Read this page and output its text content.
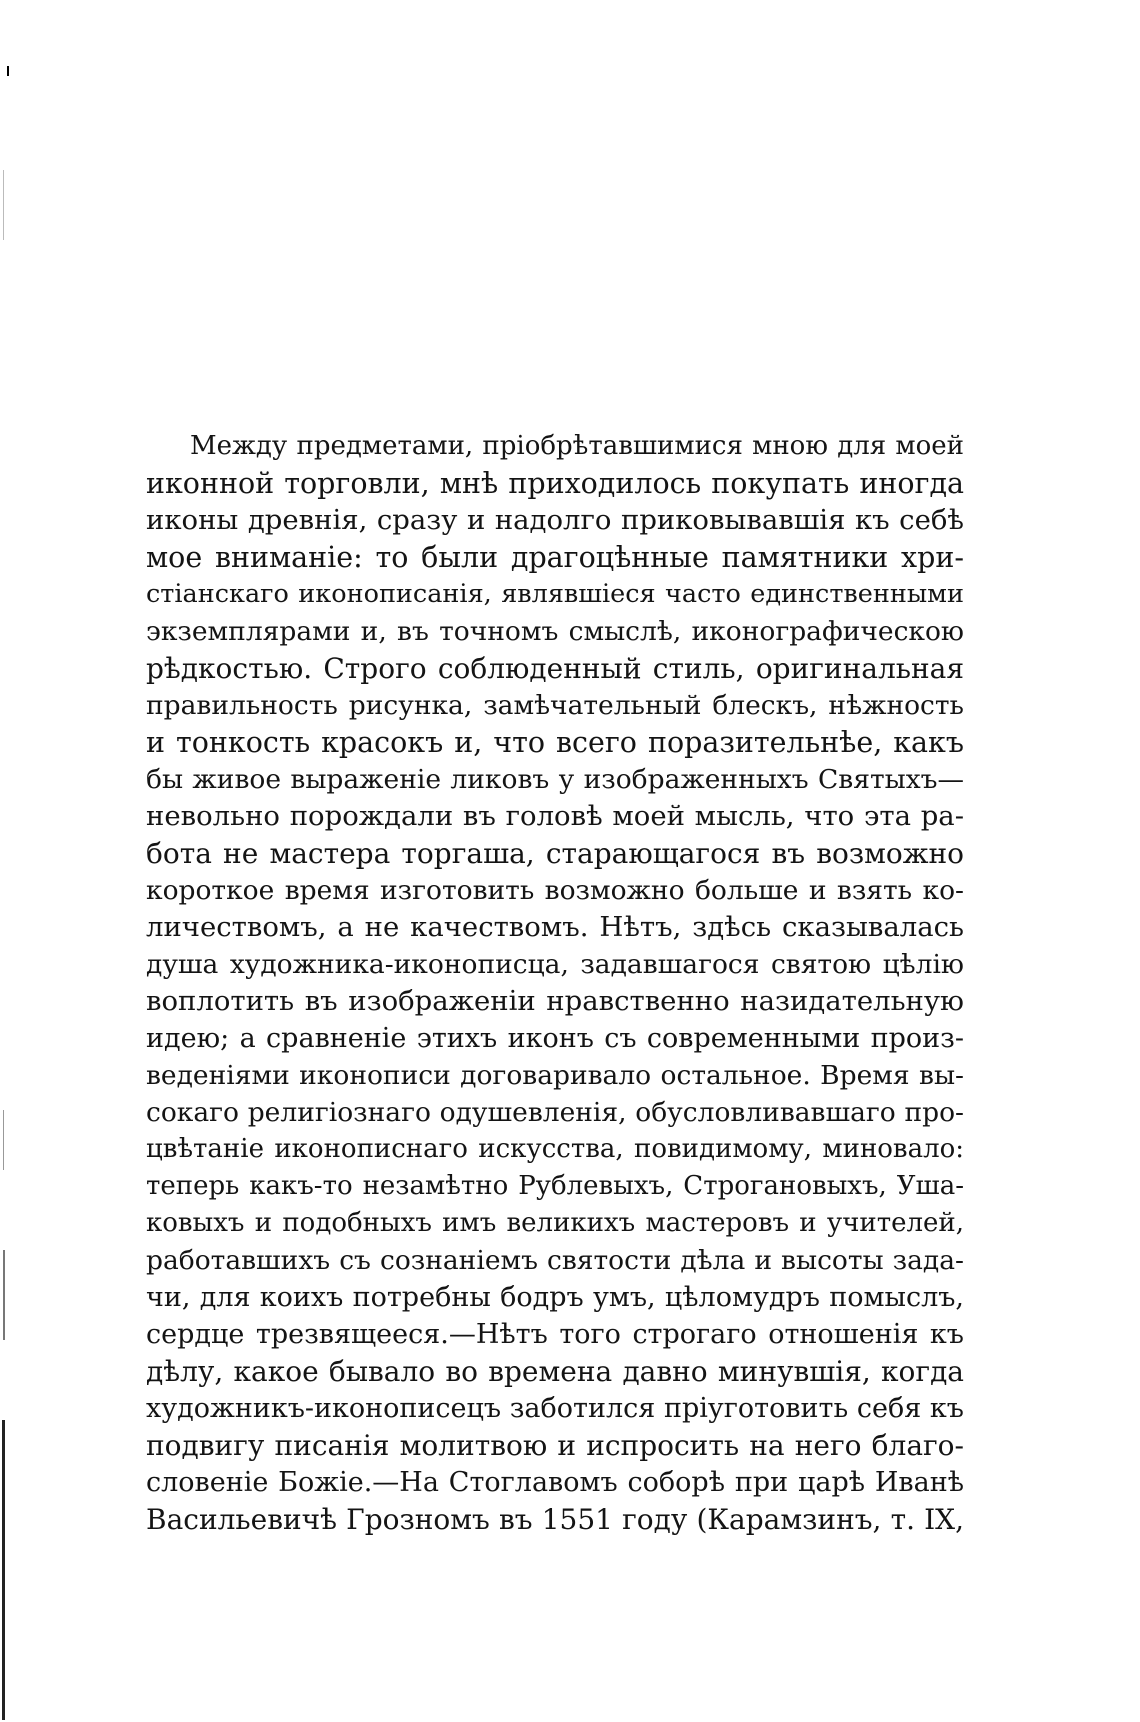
Между предметами, пріобрѣтавшимися мною для моей
иконной торговли, мнѣ приходилось покупать иногда
иконы древнія, сразу и надолго приковывавшія къ себѣ
мое вниманіе: то были драгоцѣнные памятники хри-
стіанскаго иконописанія, являвшіеся часто единственными
экземплярами и, въ точномъ смыслѣ, иконографическою
рѣдкостью. Строго соблюденный стиль, оригинальная
правильность рисунка, замѣчательный блескъ, нѣжность
и тонкость красокъ и, что всего поразительнѣе, какъ
бы живое выраженіе ликовъ у изображенныхъ Святыхъ—
невольно порождали въ головѣ моей мысль, что эта ра-
бота не мастера торгаша, старающагося въ возможно
короткое время изготовить возможно больше и взять ко-
личествомъ, а не качествомъ. Нѣтъ, здѣсь сказывалась
душа художника-иконописца, задавшагося святою цѣлію
воплотить въ изображеніи нравственно назидательную
идею; а сравненіе этихъ иконъ съ современными произ-
веденіями иконописи договаривало остальное. Время вы-
сокаго религіознаго одушевленія, обусловливавшаго про-
цвѣтаніе иконописнаго искусства, повидимому, миновало:
теперь какъ-то незамѣтно Рублевыхъ, Строгановыхъ, Ушa-
ковыхъ и подобныхъ имъ великихъ мастеровъ и учителей,
работавшихъ съ сознаніемъ святости дѣла и высоты зада-
чи, для коихъ потребны бодръ умъ, цѣломудръ помыслъ,
сердце трезвящееся.—Нѣтъ того строгаго отношенія къ
дѣлу, какое бывало во времена давно минувшія, когда
художникъ-иконописецъ заботился пріуготовить себя къ
подвигу писанія молитвою и испросить на него благо-
словеніе Божіе.—На Стоглавомъ соборѣ при царѣ Иванѣ
Васильевичѣ Грозномъ въ 1551 году (Карамзинъ, т. IX,
